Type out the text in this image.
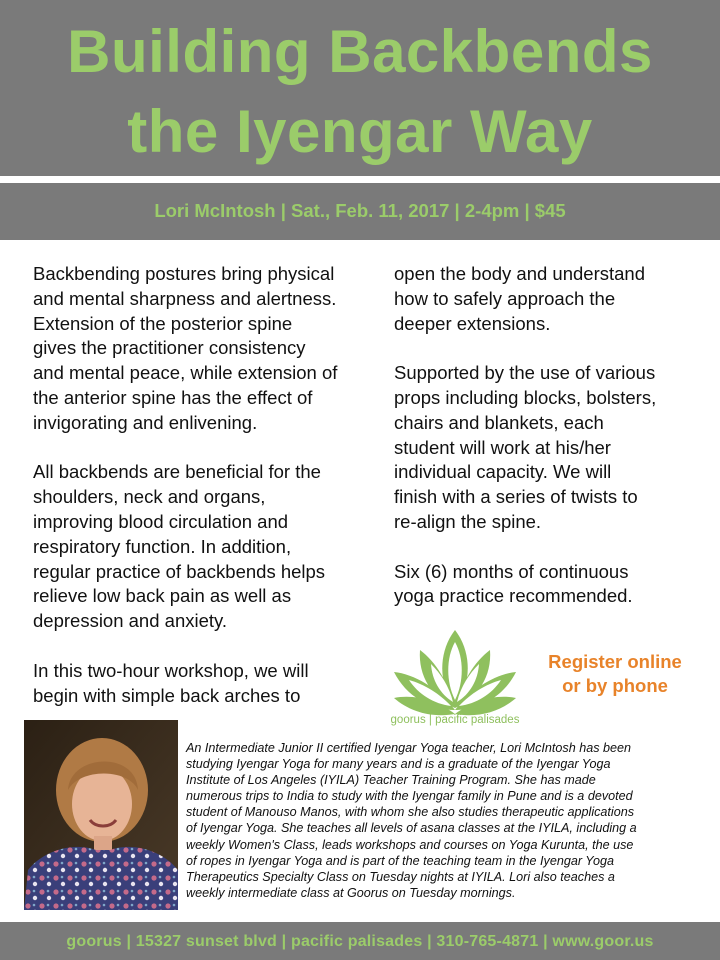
Building Backbends
the Iyengar Way
Lori McIntosh | Sat., Feb. 11, 2017 | 2-4pm | $45

Backbending postures bring physical
and mental sharpness and alertness.
Extension of the posterior spine
gives the practitioner consistency
and mental peace, while extension of
the anterior spine has the effect of
invigorating and enlivening.

All backbends are beneficial for the
shoulders, neck and organs,
improving blood circulation and
respiratory function. In addition,
regular practice of backbends helps
relieve low back pain as well as
depression and anxiety.

In this two-hour workshop, we will
begin with simple back arches to

open the body and understand
how to safely approach the
deeper extensions.

Supported by the use of various
props including blocks, bolsters,
chairs and blankets, each
student will work at his/her
individual capacity. We will
finish with a series of twists to
re-align the spine.

Six (6) months of continuous
yoga practice recommended.

goorus | pacific palisades
Register online
or by phone
An Intermediate Junior II certified Iyengar Yoga teacher, Lori McIntosh has been
studying Iyengar Yoga for many years and is a graduate of the Iyengar Yoga
Institute of Los Angeles (IYILA) Teacher Training Program. She has made
numerous trips to India to study with the Iyengar family in Pune and is a devoted
student of Manouso Manos, with whom she also studies therapeutic applications
of Iyengar Yoga. She teaches all levels of asana classes at the IYILA, including a
weekly Women's Class, leads workshops and courses on Yoga Kurunta, the use
of ropes in Iyengar Yoga and is part of the teaching team in the Iyengar Yoga
Therapeutics Specialty Class on Tuesday nights at IYILA. Lori also teaches a
weekly intermediate class at Goorus on Tuesday mornings.
goorus | 15327 sunset blvd | pacific palisades | 310-765-4871 | www.goor.us
